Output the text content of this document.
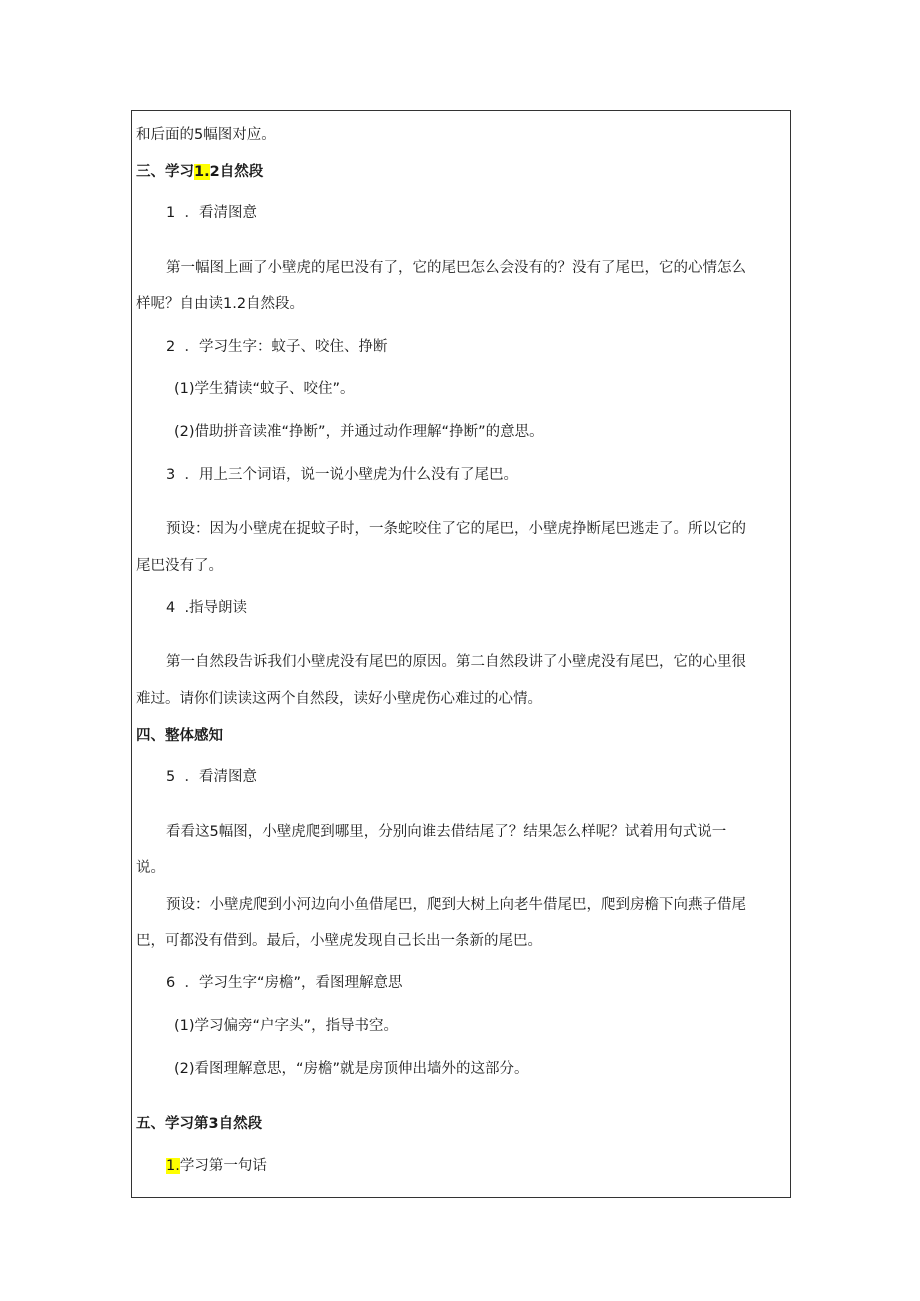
和后面的5幅图对应。
三、学习1.2自然段
1  ．看清图意
第一幅图上画了小壁虎的尾巴没有了，它的尾巴怎么会没有的？没有了尾巴，它的心情怎么
样呢？自由读1.2自然段。
2  ．学习生字：蚊子、咬住、挣断
(1)学生猜读“蚊子、咬住”。
(2)借助拼音读准“挣断”，并通过动作理解“挣断”的意思。
3  ．用上三个词语，说一说小壁虎为什么没有了尾巴。
预设：因为小壁虎在捉蚊子时，一条蛇咬住了它的尾巴，小壁虎挣断尾巴逃走了。所以它的
尾巴没有了。
4  .指导朗读
第一自然段告诉我们小壁虎没有尾巴的原因。第二自然段讲了小壁虎没有尾巴，它的心里很
难过。请你们读读这两个自然段，读好小壁虎伤心难过的心情。
四、整体感知
5  ．看清图意
看看这5幅图，小壁虎爬到哪里，分别向谁去借结尾了？结果怎么样呢？试着用句式说一
说。
预设：小壁虎爬到小河边向小鱼借尾巴，爬到大树上向老牛借尾巴，爬到房檐下向燕子借尾
巴，可都没有借到。最后，小壁虎发现自己长出一条新的尾巴。
6  ．学习生字“房檐”，看图理解意思
(1)学习偏旁“户字头”，指导书空。
(2)看图理解意思，“房檐”就是房顶伸出墙外的这部分。
五、学习第3自然段
1.学习第一句话
